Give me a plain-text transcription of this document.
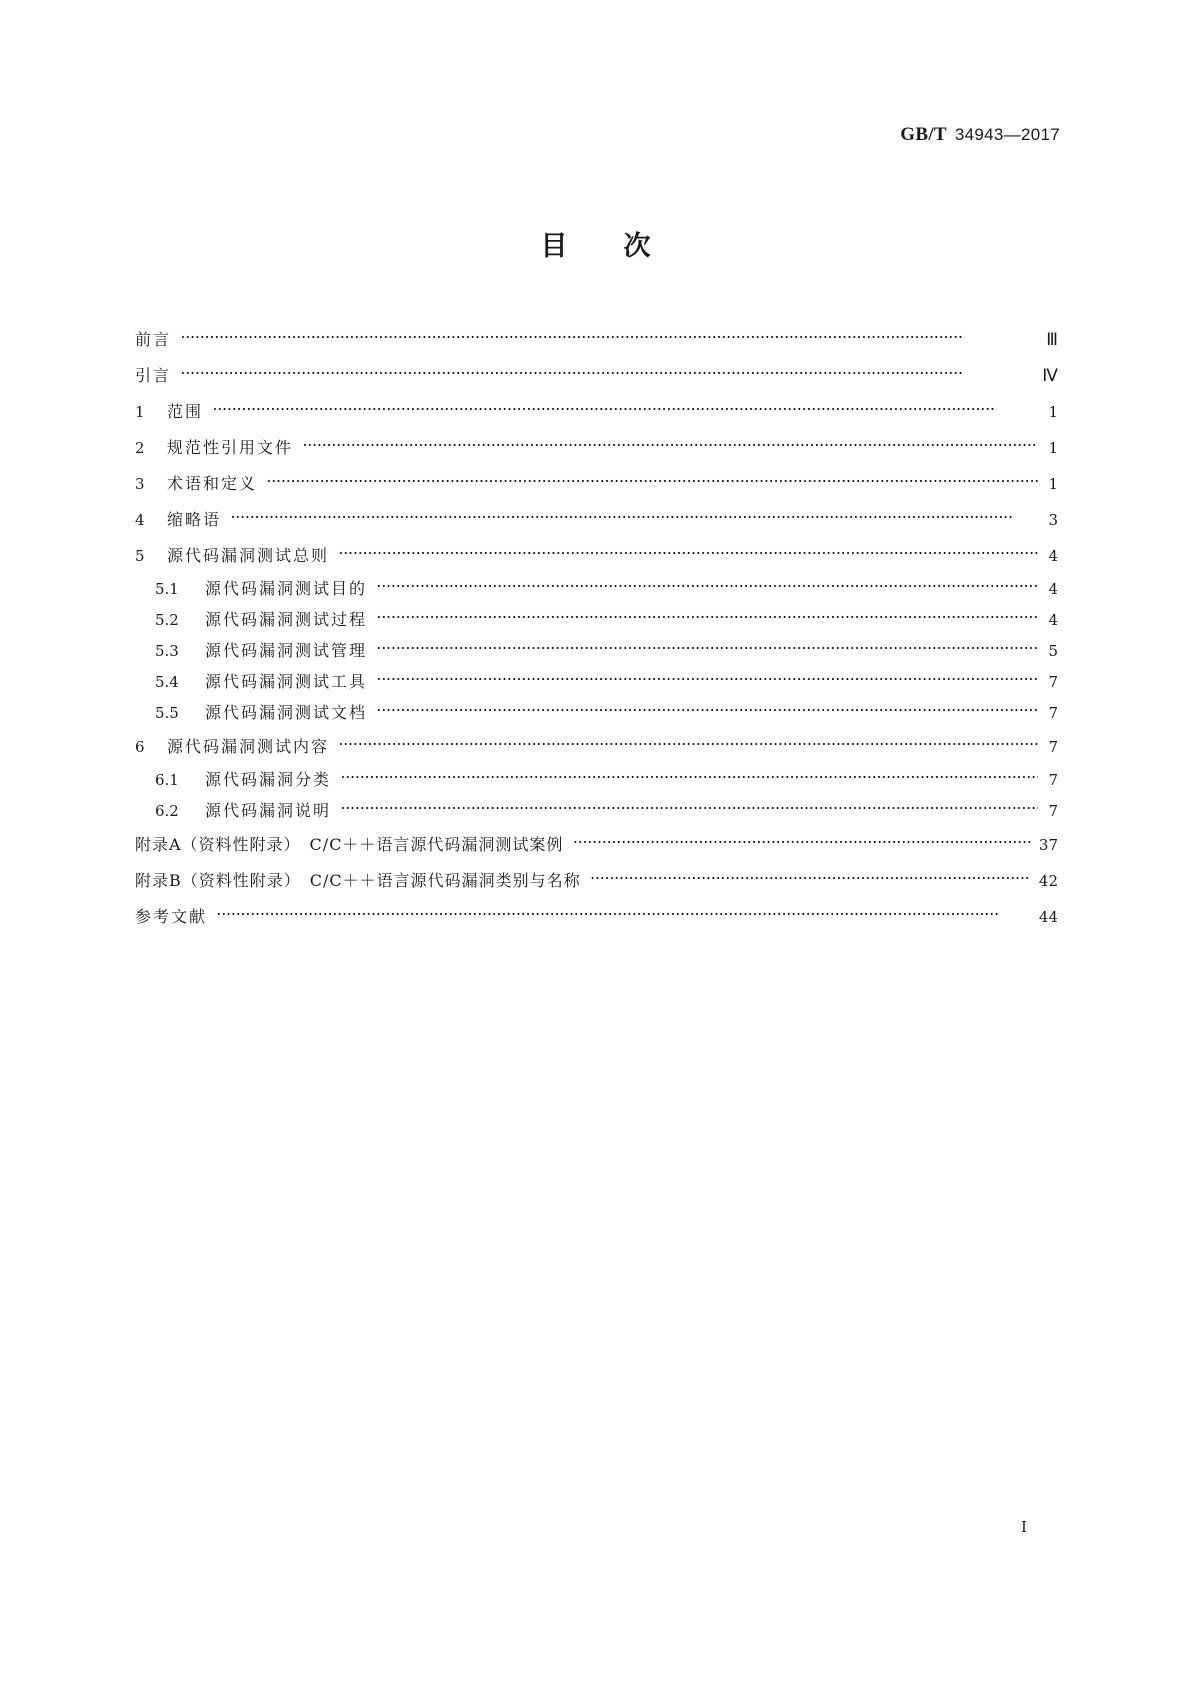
GB/T 34943—2017
目次
前言 ·····	Ⅲ
引言 ·····	Ⅳ
1	范围 ·····	1
2	规范性引用文件 ·····	1
3	术语和定义 ·····	1
4	缩略语 ·····	3
5	源代码漏洞测试总则 ·····	4
5.1	源代码漏洞测试目的 ·····	4
5.2	源代码漏洞测试过程 ·····	4
5.3	源代码漏洞测试管理 ·····	5
5.4	源代码漏洞测试工具 ·····	7
5.5	源代码漏洞测试文档 ·····	7
6	源代码漏洞测试内容 ·····	7
6.1	源代码漏洞分类 ·····	7
6.2	源代码漏洞说明 ·····	7
附录A（资料性附录）　C/C＋＋语言源代码漏洞测试案例 ·····	37
附录B（资料性附录）　C/C＋＋语言源代码漏洞类别与名称 ·····	42
参考文献 ·····	44
I
